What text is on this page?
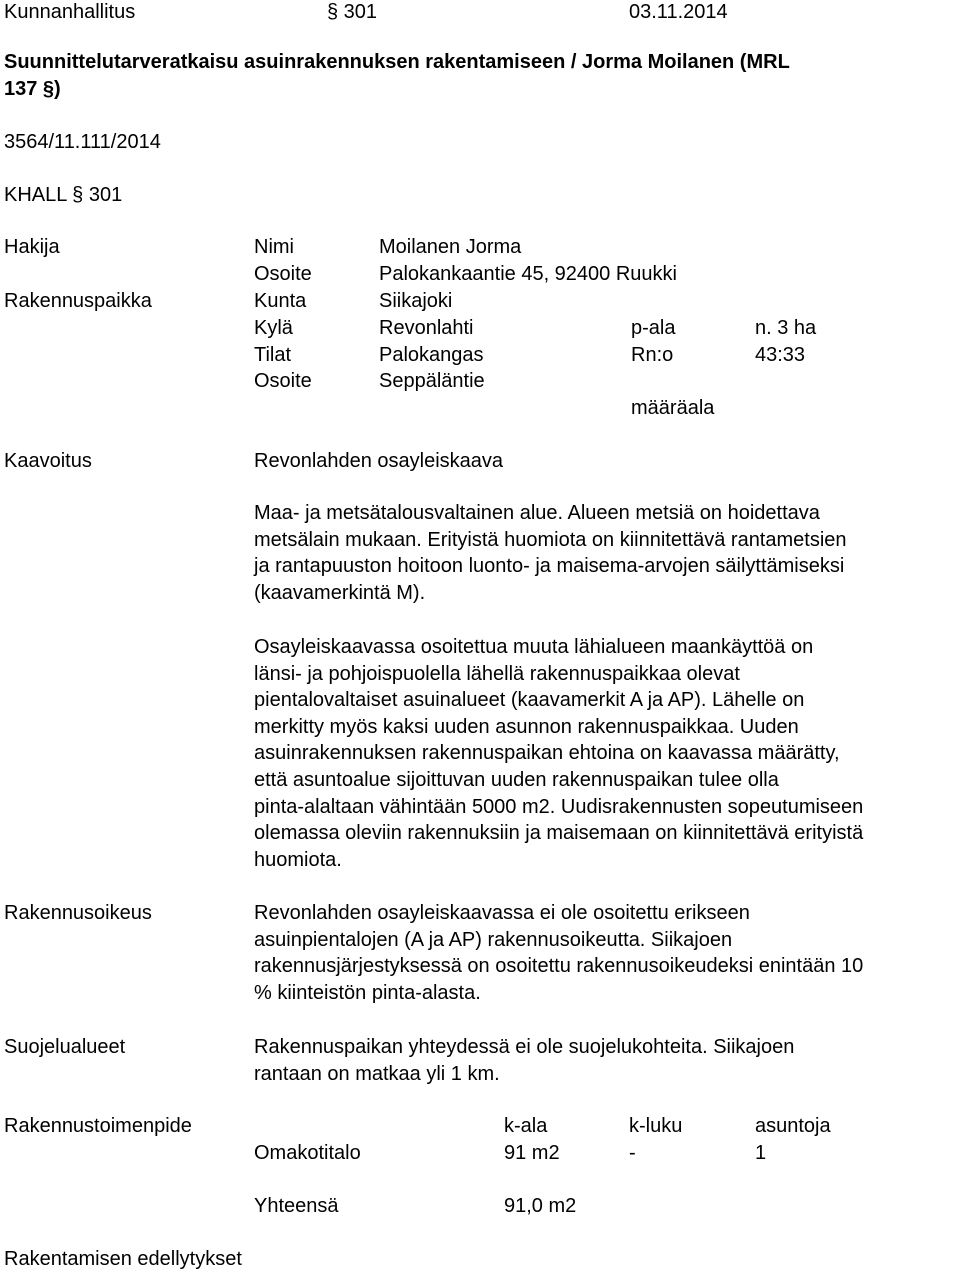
Kunnanhallitus	§ 301	03.11.2014
Suunnittelutarveratkaisu asuinrakennuksen rakentamiseen / Jorma Moilanen (MRL
137 §)
3564/11.111/2014
KHALL § 301
Hakija	Nimi	Moilanen Jorma
Osoite	Palokankaantie 45, 92400 Ruukki
Rakennuspaikka	Kunta	Siikajoki
Kylä	Revonlahti	p-ala	n. 3 ha
Tilat	Palokangas	Rn:o	43:33
Osoite	Seppäläntie
määräala
Kaavoitus	Revonlahden osayleiskaava
Maa- ja metsätalousvaltainen alue. Alueen metsiä on hoidettava
metsälain mukaan. Erityistä huomiota on kiinnitettävä rantametsien
ja rantapuuston hoitoon luonto- ja maisema-arvojen säilyttämiseksi
(kaavamerkintä M).
Osayleiskaavassa osoitettua muuta lähialueen maankäyttöä on
länsi- ja pohjoispuolella lähellä rakennuspaikkaa olevat
pientalovaltaiset asuinalueet (kaavamerkit A ja AP). Lähelle on
merkitty myös kaksi uuden asunnon rakennuspaikkaa. Uuden
asuinrakennuksen rakennuspaikan ehtoina on kaavassa määrätty,
että asuntoalue sijoittuvan uuden rakennuspaikan tulee olla
pinta-alaltaan vähintään 5000 m2. Uudisrakennusten sopeutumiseen
olemassa oleviin rakennuksiin ja maisemaan on kiinnitettävä erityistä
huomiota.
Rakennusoikeus	Revonlahden osayleiskaavassa ei ole osoitettu erikseen
asuinpientalojen (A ja AP) rakennusoikeutta. Siikajoen
rakennusjärjestyksessä on osoitettu rakennusoikeudeksi enintään 10
% kiinteistön pinta-alasta.
Suojelualueet	Rakennuspaikan yhteydessä ei ole suojelukohteita. Siikajoen
rantaan on matkaa yli 1 km.
Rakennustoimenpide	k-ala	k-luku	asuntoja
Omakotitalo	91 m2	-	1
Yhteensä	91,0 m2
Rakentamisen edellytykset
